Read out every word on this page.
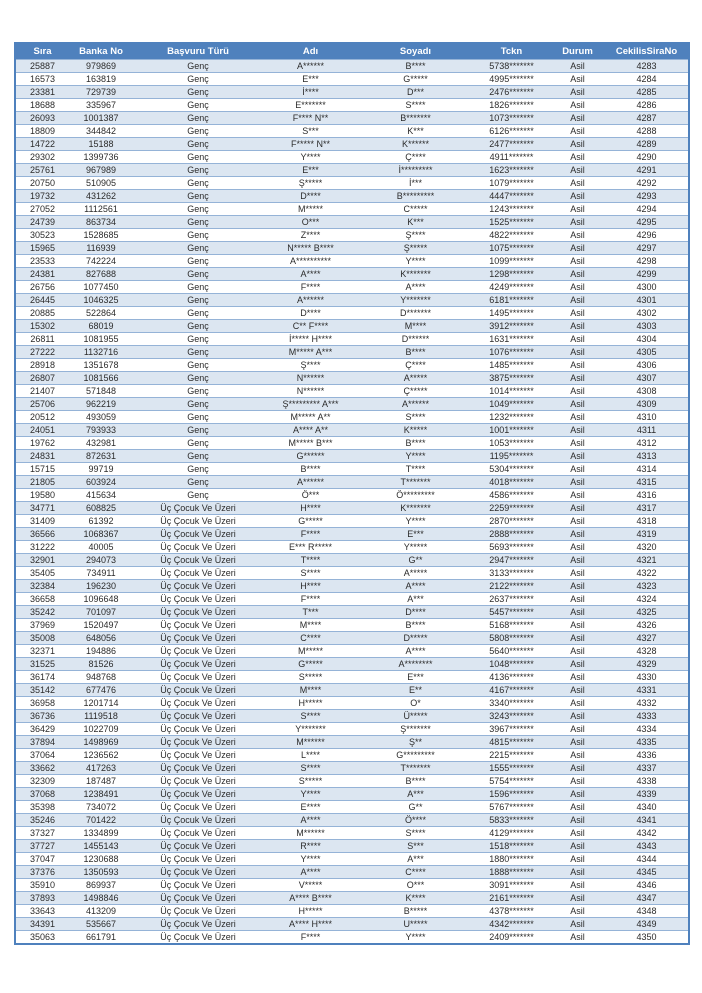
Sıra	Banka No	Başvuru Türü	Adı	Soyadı	Tckn	Durum	CekilisSiraNo
25887	979869	Genç	A******	B****	5738*******	Asil	4283
16573	163819	Genç	E***	G*****	4995*******	Asil	4284
23381	729739	Genç	İ****	D***	2476*******	Asil	4285
18688	335967	Genç	E*******	S****	1826*******	Asil	4286
26093	1001387	Genç	F**** N**	B*******	1073*******	Asil	4287
18809	344842	Genç	S***	K***	6126*******	Asil	4288
14722	15188	Genç	F***** N**	K******	2477*******	Asil	4289
29302	1399736	Genç	Y****	Ç****	4911*******	Asil	4290
25761	967989	Genç	E***	İ*********	1623*******	Asil	4291
20750	510905	Genç	Ş*****	İ***	1079*******	Asil	4292
19732	431262	Genç	D****	B*********	4447*******	Asil	4293
27052	1112561	Genç	M*****	C*****	1243*******	Asil	4294
24739	863734	Genç	O***	K***	1525*******	Asil	4295
30523	1528685	Genç	Z****	Ş****	4822*******	Asil	4296
15965	116939	Genç	N***** B****	Ş*****	1075*******	Asil	4297
23533	742224	Genç	A**********	Y****	1099*******	Asil	4298
24381	827688	Genç	A****	K*******	1298*******	Asil	4299
26756	1077450	Genç	F****	A****	4249*******	Asil	4300
26445	1046325	Genç	A******	Y*******	6181*******	Asil	4301
20885	522864	Genç	D****	D*******	1495*******	Asil	4302
15302	68019	Genç	C** F****	M****	3912*******	Asil	4303
26811	1081955	Genç	İ***** H****	D******	1631*******	Asil	4304
27222	1132716	Genç	M***** A***	B****	1076*******	Asil	4305
28918	1351678	Genç	Ş****	Ç****	1485*******	Asil	4306
26807	1081566	Genç	N******	A*****	3875*******	Asil	4307
21407	571848	Genç	N******	Ç*****	1014*******	Asil	4308
25706	962219	Genç	Ş********* A***	A******	1049*******	Asil	4309
20512	493059	Genç	M***** A**	S****	1232*******	Asil	4310
24051	793933	Genç	A**** A**	K*****	1001*******	Asil	4311
19762	432981	Genç	M***** B***	B****	1053*******	Asil	4312
24831	872631	Genç	G******	Y****	1195*******	Asil	4313
15715	99719	Genç	B****	T****	5304*******	Asil	4314
21805	603924	Genç	A******	T*******	4018*******	Asil	4315
19580	415634	Genç	Ö***	Ö*********	4586*******	Asil	4316
34771	608825	Üç Çocuk Ve Üzeri	H****	K*******	2259*******	Asil	4317
31409	61392	Üç Çocuk Ve Üzeri	G*****	Y****	2870*******	Asil	4318
36566	1068367	Üç Çocuk Ve Üzeri	F****	E***	2888*******	Asil	4319
31222	40005	Üç Çocuk Ve Üzeri	E*** R*****	Y*****	5693*******	Asil	4320
32901	294073	Üç Çocuk Ve Üzeri	T****	G**	2947*******	Asil	4321
35405	734911	Üç Çocuk Ve Üzeri	S****	A*****	3133*******	Asil	4322
32384	196230	Üç Çocuk Ve Üzeri	H****	A****	2122*******	Asil	4323
36658	1096648	Üç Çocuk Ve Üzeri	F****	A***	2637*******	Asil	4324
35242	701097	Üç Çocuk Ve Üzeri	T***	D****	5457*******	Asil	4325
37969	1520497	Üç Çocuk Ve Üzeri	M****	B****	5168*******	Asil	4326
35008	648056	Üç Çocuk Ve Üzeri	C****	D*****	5808*******	Asil	4327
32371	194886	Üç Çocuk Ve Üzeri	M*****	A****	5640*******	Asil	4328
31525	81526	Üç Çocuk Ve Üzeri	G*****	A********	1048*******	Asil	4329
36174	948768	Üç Çocuk Ve Üzeri	S*****	E***	4136*******	Asil	4330
35142	677476	Üç Çocuk Ve Üzeri	M****	E**	4167*******	Asil	4331
36958	1201714	Üç Çocuk Ve Üzeri	H*****	O*	3340*******	Asil	4332
36736	1119518	Üç Çocuk Ve Üzeri	S****	Ü*****	3243*******	Asil	4333
36429	1022709	Üç Çocuk Ve Üzeri	Y*******	Ş*******	3967*******	Asil	4334
37894	1498969	Üç Çocuk Ve Üzeri	M******	Ş**	4815*******	Asil	4335
37064	1236562	Üç Çocuk Ve Üzeri	L****	G*********	2215*******	Asil	4336
33662	417263	Üç Çocuk Ve Üzeri	S****	T*******	1555*******	Asil	4337
32309	187487	Üç Çocuk Ve Üzeri	S*****	B****	5754*******	Asil	4338
37068	1238491	Üç Çocuk Ve Üzeri	Y****	A***	1596*******	Asil	4339
35398	734072	Üç Çocuk Ve Üzeri	E****	G**	5767*******	Asil	4340
35246	701422	Üç Çocuk Ve Üzeri	A****	Ö****	5833*******	Asil	4341
37327	1334899	Üç Çocuk Ve Üzeri	M******	S****	4129*******	Asil	4342
37727	1455143	Üç Çocuk Ve Üzeri	R****	S***	1518*******	Asil	4343
37047	1230688	Üç Çocuk Ve Üzeri	Y****	A***	1880*******	Asil	4344
37376	1350593	Üç Çocuk Ve Üzeri	A****	C****	1888*******	Asil	4345
35910	869937	Üç Çocuk Ve Üzeri	V*****	O***	3091*******	Asil	4346
37893	1498846	Üç Çocuk Ve Üzeri	A**** B****	K****	2161*******	Asil	4347
33643	413209	Üç Çocuk Ve Üzeri	H*****	B*****	4378*******	Asil	4348
34391	535667	Üç Çocuk Ve Üzeri	A**** H****	U*****	4342*******	Asil	4349
35063	661791	Üç Çocuk Ve Üzeri	F****	Y****	2409*******	Asil	4350
